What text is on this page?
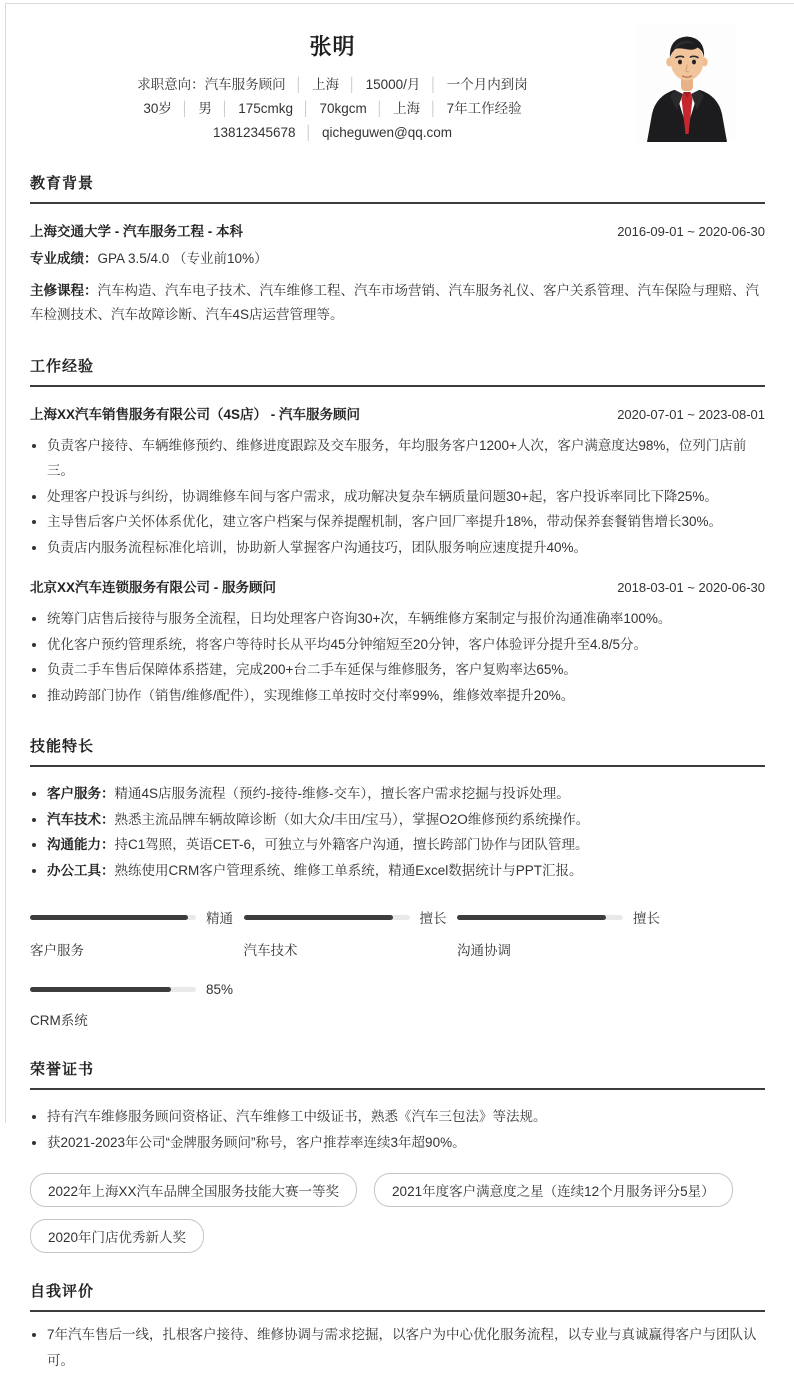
张明
求职意向：汽车服务顾问 │ 上海 │ 15000/月 │ 一个月内到岗
30岁 │ 男 │ 175cmkg │ 70kgcm │ 上海 │ 7年工作经验
13812345678 │ qicheguwen@qq.com
教育背景
上海交通大学 - 汽车服务工程 - 本科	2016-09-01 ~ 2020-06-30
专业成绩：GPA 3.5/4.0 （专业前10%）
主修课程：汽车构造、汽车电子技术、汽车维修工程、汽车市场营销、汽车服务礼仪、客户关系管理、汽车保险与理赔、汽车检测技术、汽车故障诊断、汽车4S店运营管理等。
工作经验
上海XX汽车销售服务有限公司（4S店） - 汽车服务顾问	2020-07-01 ~ 2023-08-01
负责客户接待、车辆维修预约、维修进度跟踪及交车服务，年均服务客户1200+人次，客户满意度达98%，位列门店前三。
处理客户投诉与纠纷，协调维修车间与客户需求，成功解决复杂车辆质量问题30+起，客户投诉率同比下降25%。
主导售后客户关怀体系优化，建立客户档案与保养提醒机制，客户回厂率提升18%，带动保养套餐销售增长30%。
负责店内服务流程标准化培训，协助新人掌握客户沟通技巧，团队服务响应速度提升40%。
北京XX汽车连锁服务有限公司 - 服务顾问	2018-03-01 ~ 2020-06-30
统筹门店售后接待与服务全流程，日均处理客户咨询30+次，车辆维修方案制定与报价沟通准确率100%。
优化客户预约管理系统，将客户等待时长从平均45分钟缩短至20分钟，客户体验评分提升至4.8/5分。
负责二手车售后保障体系搭建，完成200+台二手车延保与维修服务，客户复购率达65%。
推动跨部门协作（销售/维修/配件），实现维修工单按时交付率99%，维修效率提升20%。
技能特长
客户服务：精通4S店服务流程（预约-接待-维修-交车），擅长客户需求挖掘与投诉处理。
汽车技术：熟悉主流品牌车辆故障诊断（如大众/丰田/宝马），掌握O2O维修预约系统操作。
沟通能力：持C1驾照，英语CET-6，可独立与外籍客户沟通，擅长跨部门协作与团队管理。
办公工具：熟练使用CRM客户管理系统、维修工单系统，精通Excel数据统计与PPT汇报。
精通
客户服务
擅长
汽车技术
擅长
沟通协调
85%
CRM系统
荣誉证书
持有汽车维修服务顾问资格证、汽车维修工中级证书，熟悉《汽车三包法》等法规。
获2021-2023年公司“金牌服务顾问”称号，客户推荐率连续3年超90%。
2022年上海XX汽车品牌全国服务技能大赛一等奖	2021年度客户满意度之星（连续12个月服务评分5星）
2020年门店优秀新人奖
自我评价
7年汽车售后一线，扎根客户接待、维修协调与需求挖掘，以客户为中心优化服务流程，以专业与真诚赢得客户与团队认可。
